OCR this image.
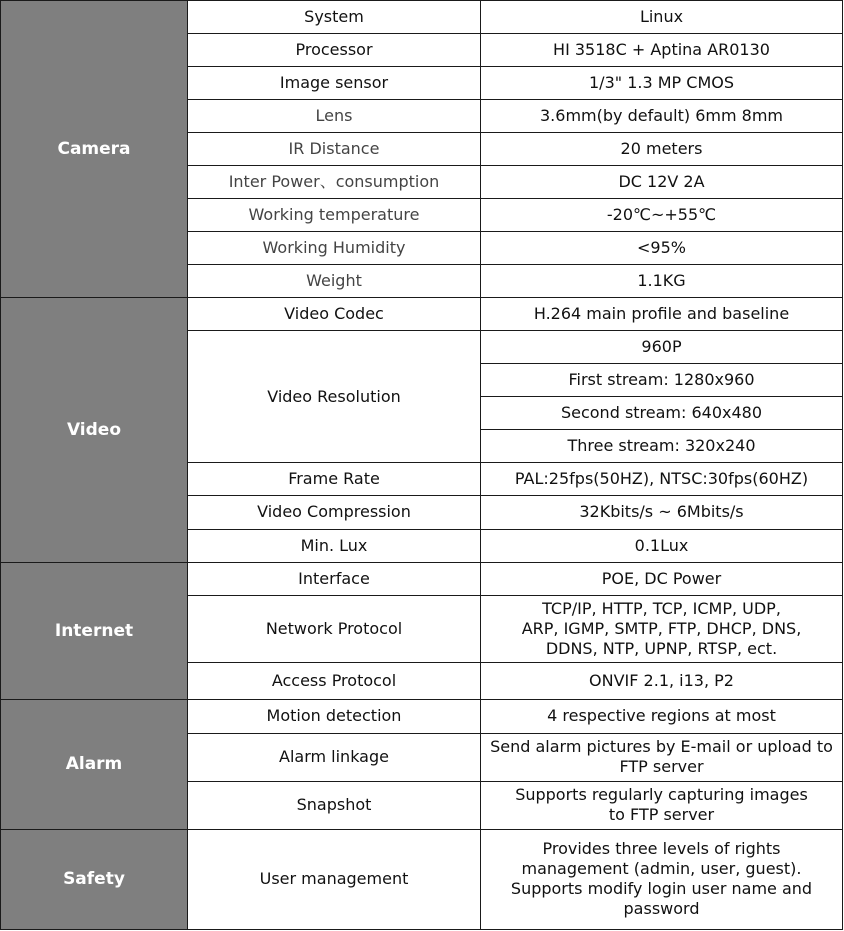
Camera	System	Linux
	Processor	HI 3518C + Aptina AR0130
	Image sensor	1/3" 1.3 MP CMOS
	Lens	3.6mm(by default) 6mm 8mm
	IR Distance	20 meters
	Inter Power、consumption	DC 12V 2A
	Working temperature	-20℃~+55℃
	Working Humidity	<95%
	Weight	1.1KG
Video	Video Codec	H.264 main profile and baseline
	Video Resolution	960P
		First stream: 1280x960
		Second stream: 640x480
		Three stream: 320x240
	Frame Rate	PAL:25fps(50HZ), NTSC:30fps(60HZ)
	Video Compression	32Kbits/s ~ 6Mbits/s
	Min. Lux	0.1Lux
Internet	Interface	POE, DC Power
	Network Protocol	TCP/IP, HTTP, TCP, ICMP, UDP,
ARP, IGMP, SMTP, FTP, DHCP, DNS,
DDNS, NTP, UPNP, RTSP, ect.

	Access Protocol	ONVIF 2.1, i13, P2
Alarm	Motion detection	4 respective regions at most
	Alarm linkage	Send alarm pictures by E-mail or upload to
FTP server

	Snapshot	Supports regularly capturing images
to FTP server

Safety	User management	Provides three levels of rights
management (admin, user, guest).
Supports modify login user name and
password
